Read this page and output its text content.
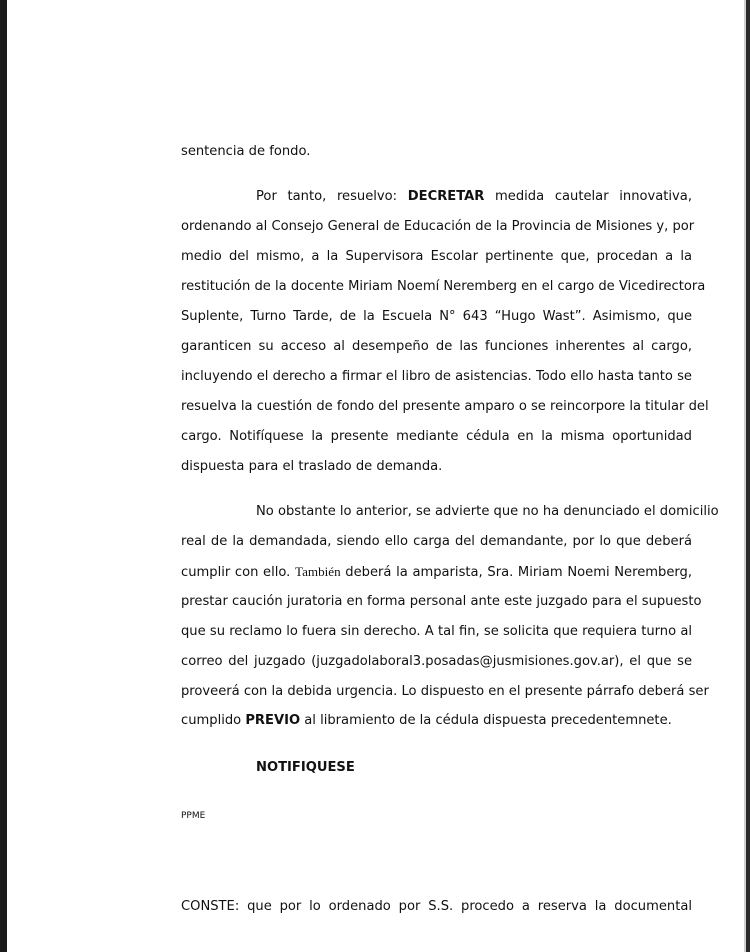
sentencia de fondo.
Por tanto, resuelvo: DECRETAR medida cautelar innovativa,
ordenando al Consejo General de Educación de la Provincia de Misiones y, por
medio del mismo, a la Supervisora Escolar pertinente que, procedan a la
restitución de la docente Miriam Noemí Neremberg en el cargo de Vicedirectora
Suplente, Turno Tarde, de la Escuela N° 643 “Hugo Wast”. Asimismo, que
garanticen su acceso al desempeño de las funciones inherentes al cargo,
incluyendo el derecho a firmar el libro de asistencias. Todo ello hasta tanto se
resuelva la cuestión de fondo del presente amparo o se reincorpore la titular del
cargo. Notifíquese la presente mediante cédula en la misma oportunidad
dispuesta para el traslado de demanda.
No obstante lo anterior, se advierte que no ha denunciado el domicilio
real de la demandada, siendo ello carga del demandante, por lo que deberá
cumplir con ello. También deberá la amparista, Sra. Miriam Noemi Neremberg,
prestar caución juratoria en forma personal ante este juzgado para el supuesto
que su reclamo lo fuera sin derecho. A tal fin, se solicita que requiera turno al
correo del juzgado (juzgadolaboral3.posadas@jusmisiones.gov.ar), el que se
proveerá con la debida urgencia. Lo dispuesto en el presente párrafo deberá ser
cumplido PREVIO al libramiento de la cédula dispuesta precedentemnete.
NOTIFIQUESE
PPME
CONSTE: que por lo ordenado por S.S. procedo a reserva la documental
